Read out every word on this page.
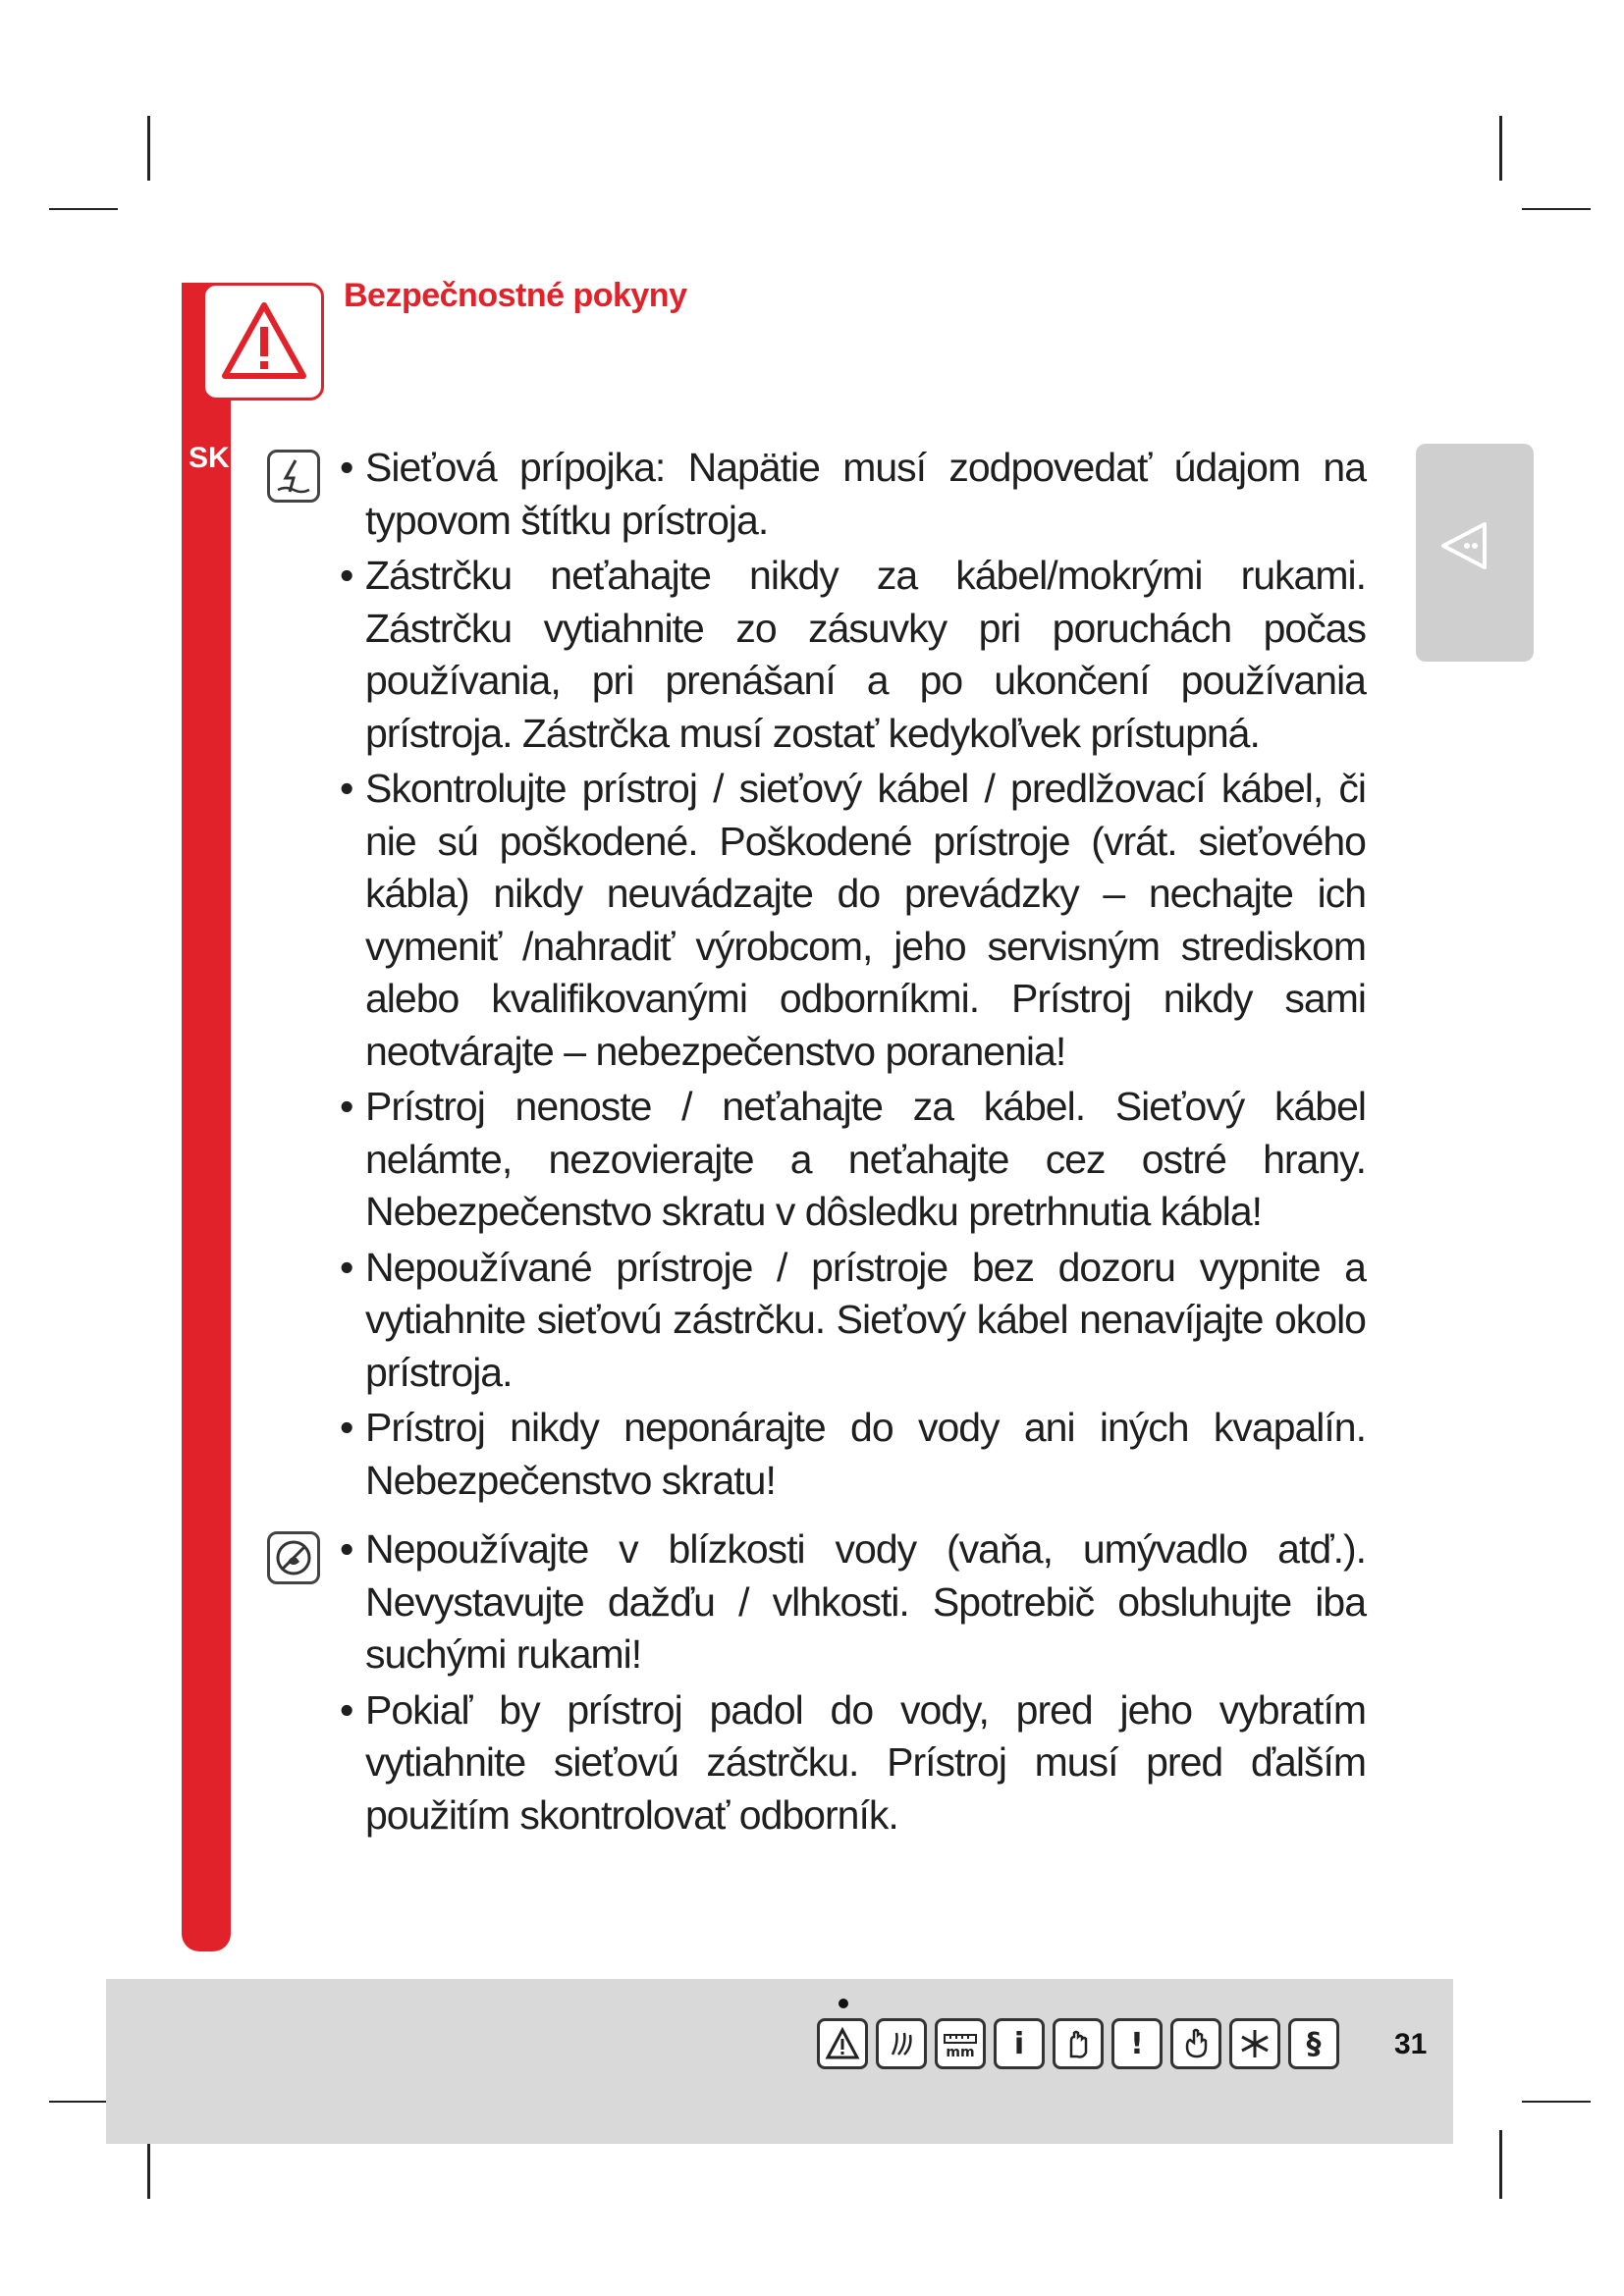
Bezpečnostné pokyny
SK
•	Sieťová prípojka: Napätie musí zodpovedať údajom na typovom štítku prístroja.
• Zástrčku neťahajte nikdy za kábel/mokrými rukami. Zástrčku vytiahnite zo zásuvky pri poruchách počas používania, pri prenášaní a po ukončení používania prístroja. Zástrčka musí zostať kedykoľvek prístupná.
• Skontrolujte prístroj / sieťový kábel / predlžovací kábel, či nie sú poškodené. Poškodené prístroje (vrát. sieťového kábla) nikdy neuvádzajte do prevádzky – nechajte ich vymeniť /nahradiť výrobcom, jeho servisným strediskom alebo kvalifikovanými odborníkmi. Prístroj nikdy sami neotvárajte – nebezpečenstvo poranenia!
• Prístroj nenoste / neťahajte za kábel. Sieťový kábel nelámte, nezovierajte a neťahajte cez ostré hrany. Nebezpečenstvo skratu v dôsledku pretrhnutia kábla!
• Nepoužívané prístroje / prístroje bez dozoru vypnite a vytiahnite sieťovú zástrčku. Sieťový kábel nenavíjajte okolo prístroja.
• Prístroj nikdy neponárajte do vody ani iných kvapalín. Nebezpečenstvo skratu!
• Nepoužívajte v blízkosti vody (vaňa, umývadlo atď.). Nevystavujte dažďu / vlhkosti. Spotrebič obsluhujte iba suchými rukami!
• Pokiaľ by prístroj padol do vody, pred jeho vybratím vytiahnite sieťovú zástrčku. Prístroj musí pred ďalším použitím skontrolovať odborník.
mm i	!	§ 31
